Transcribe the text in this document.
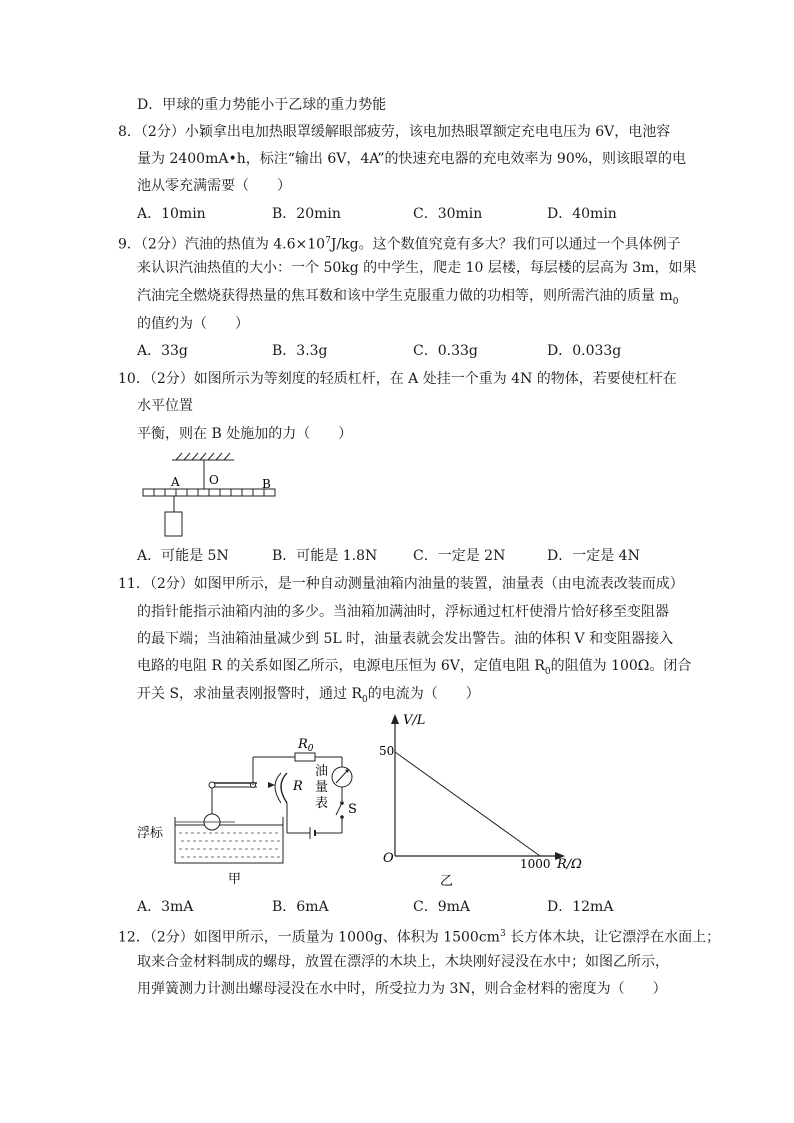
D．甲球的重力势能小于乙球的重力势能
8．（2分）小颖拿出电加热眼罩缓解眼部疲劳，该电加热眼罩额定充电电压为 6V，电池容
量为 2400mA•h，标注“输出 6V，4A”的快速充电器的充电效率为 90%，则该眼罩的电
池从零充满需要（　　）
A．10min	B．20min	C．30min	D．40min
9．（2分）汽油的热值为 $4.6\times 10^7J/kg$。这个数值究竟有多大？我们可以通过一个具体例子
来认识汽油热值的大小：一个 50kg 的中学生，爬走 10 层楼，每层楼的层高为 3m，如果
汽油完全燃烧获得热量的焦耳数和该中学生克服重力做的功相等，则所需汽油的质量 $m_0$
的值约为（　　）
A．33g	B．3.3g	C．0.33g	D．0.033g
10．（2分）如图所示为等刻度的轻质杠杆，在 A 处挂一个重为 4N 的物体，若要使杠杆在
水平位置
平衡，则在 B 处施加的力（　　）
A O	B
A．可能是 5N	B．可能是 1.8N	C．一定是 2N	D．一定是 4N
11．（2分）如图甲所示，是一种自动测量油箱内油量的装置，油量表（由电流表改装而成）
的指针能指示油箱内油的多少。当油箱加满油时，浮标通过杠杆使滑片恰好移至变阻器
的最下端；当油箱油量减少到 5L 时，油量表就会发出警告。油的体积 V 和变阻器接入
电路的电阻 R 的关系如图乙所示，电源电压恒为 6V，定值电阻 $R_0$的阻值为 100Ω。闭合
开关 S，求油量表刚报警时，通过 $R_0$的电流为（　　）
浮标
$R_0$
R
油
量
表 S
甲
V/L
R/Ω
O
50
1000
乙
A．3mA	B．6mA	C．9mA	D．12mA
12．（2分）如图甲所示，一质量为 1000g、体积为 $1500cm^3$ 长方体木块，让它漂浮在水面上；
取来合金材料制成的螺母，放置在漂浮的木块上，木块刚好浸没在水中；如图乙所示，
用弹簧测力计测出螺母浸没在水中时，所受拉力为 3N，则合金材料的密度为（　　）
